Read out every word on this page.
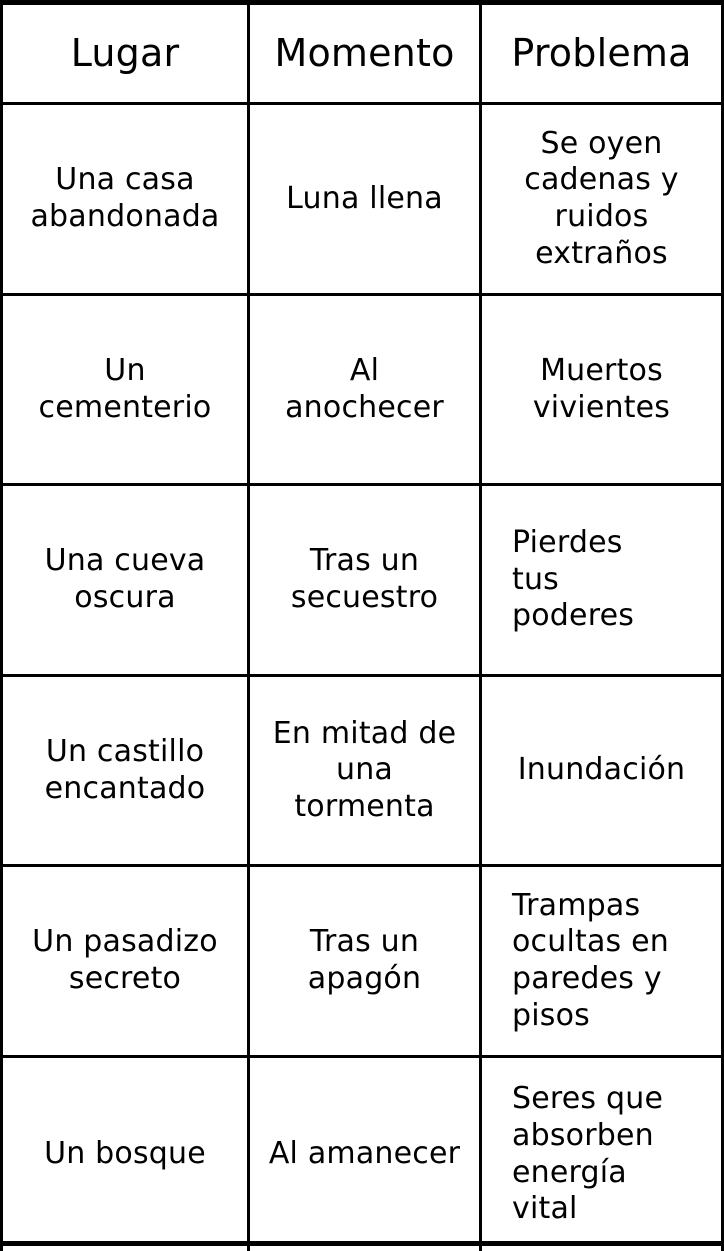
Lugar	Momento Problema
Una casa
abandonada
Luna llena
Se oyen
cadenas y
ruidos
extraños
Un
cementerio
Al
anochecer
Muertos
vivientes
Una cueva
oscura
Tras un
secuestro
Pierdes
tus
poderes
Un castillo
encantado
En mitad de
una
tormenta
Inundación
Un pasadizo
secreto
Tras un
apagón
Trampas
ocultas en
paredes y
pisos
Un bosque Al amanecer
Seres que
absorben
energía
vital
